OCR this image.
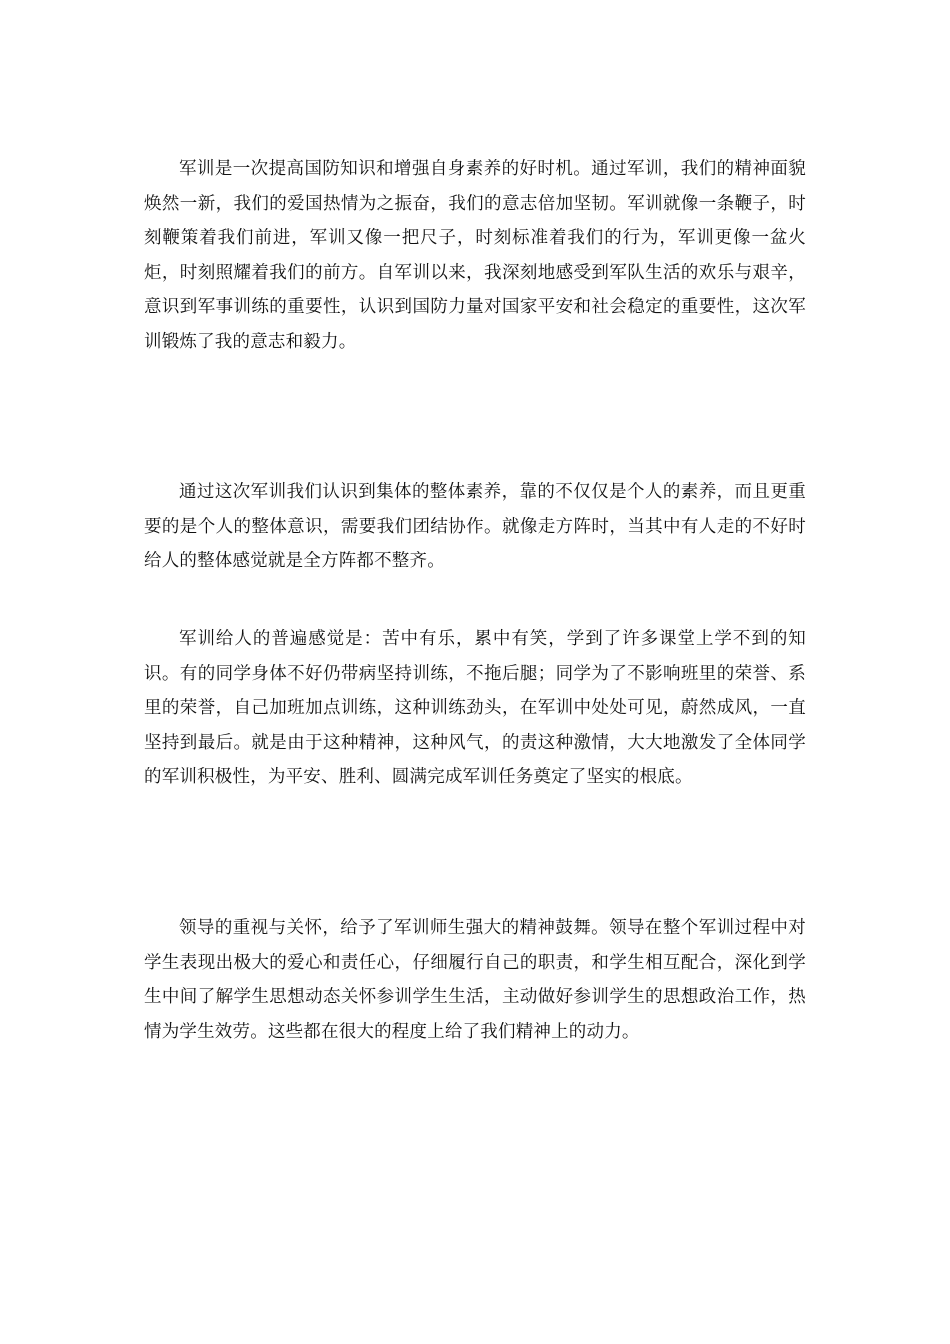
军训是一次提高国防知识和增强自身素养的好时机。通过军训，我们的精神面貌焕然一新，我们的爱国热情为之振奋，我们的意志倍加坚韧。军训就像一条鞭子，时刻鞭策着我们前进，军训又像一把尺子，时刻标准着我们的行为，军训更像一盆火炬，时刻照耀着我们的前方。自军训以来，我深刻地感受到军队生活的欢乐与艰辛，意识到军事训练的重要性，认识到国防力量对国家平安和社会稳定的重要性，这次军训锻炼了我的意志和毅力。

通过这次军训我们认识到集体的整体素养，靠的不仅仅是个人的素养，而且更重要的是个人的整体意识，需要我们团结协作。就像走方阵时，当其中有人走的不好时给人的整体感觉就是全方阵都不整齐。

军训给人的普遍感觉是：苦中有乐，累中有笑，学到了许多课堂上学不到的知识。有的同学身体不好仍带病坚持训练，不拖后腿；同学为了不影响班里的荣誉、系里的荣誉，自己加班加点训练，这种训练劲头，在军训中处处可见，蔚然成风，一直坚持到最后。就是由于这种精神，这种风气，的责这种激情，大大地激发了全体同学的军训积极性，为平安、胜利、圆满完成军训任务奠定了坚实的根底。

领导的重视与关怀，给予了军训师生强大的精神鼓舞。领导在整个军训过程中对学生表现出极大的爱心和责任心，仔细履行自己的职责，和学生相互配合，深化到学生中间了解学生思想动态关怀参训学生生活，主动做好参训学生的思想政治工作，热情为学生效劳。这些都在很大的程度上给了我们精神上的动力。
